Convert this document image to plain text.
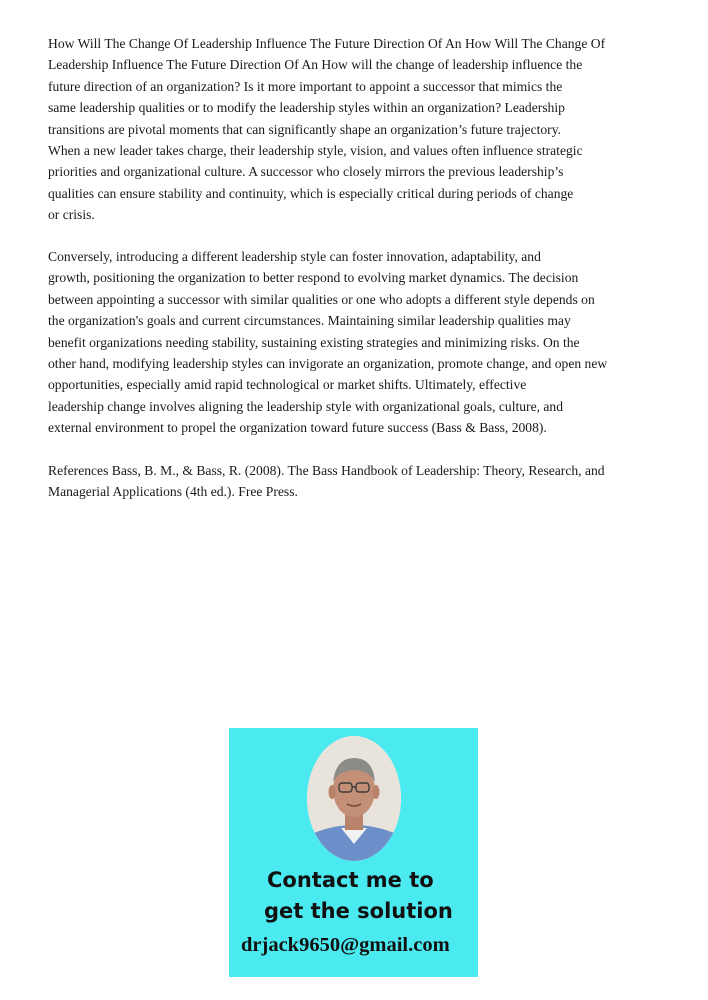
How Will The Change Of Leadership Influence The Future Direction Of An How Will The Change Of
Leadership Influence The Future Direction Of An How will the change of leadership influence the
future direction of an organization? Is it more important to appoint a successor that mimics the
same leadership qualities or to modify the leadership styles within an organization? Leadership
transitions are pivotal moments that can significantly shape an organization’s future trajectory.
When a new leader takes charge, their leadership style, vision, and values often influence strategic
priorities and organizational culture. A successor who closely mirrors the previous leadership’s
qualities can ensure stability and continuity, which is especially critical during periods of change
or crisis.
Conversely, introducing a different leadership style can foster innovation, adaptability, and
growth, positioning the organization to better respond to evolving market dynamics. The decision
between appointing a successor with similar qualities or one who adopts a different style depends on
the organization's goals and current circumstances. Maintaining similar leadership qualities may
benefit organizations needing stability, sustaining existing strategies and minimizing risks. On the
other hand, modifying leadership styles can invigorate an organization, promote change, and open new
opportunities, especially amid rapid technological or market shifts. Ultimately, effective
leadership change involves aligning the leadership style with organizational goals, culture, and
external environment to propel the organization toward future success (Bass & Bass, 2008).
References Bass, B. M., & Bass, R. (2008). The Bass Handbook of Leadership: Theory, Research, and
Managerial Applications (4th ed.). Free Press.
Contact me to
get the solution
drjack9650@gmail.com
